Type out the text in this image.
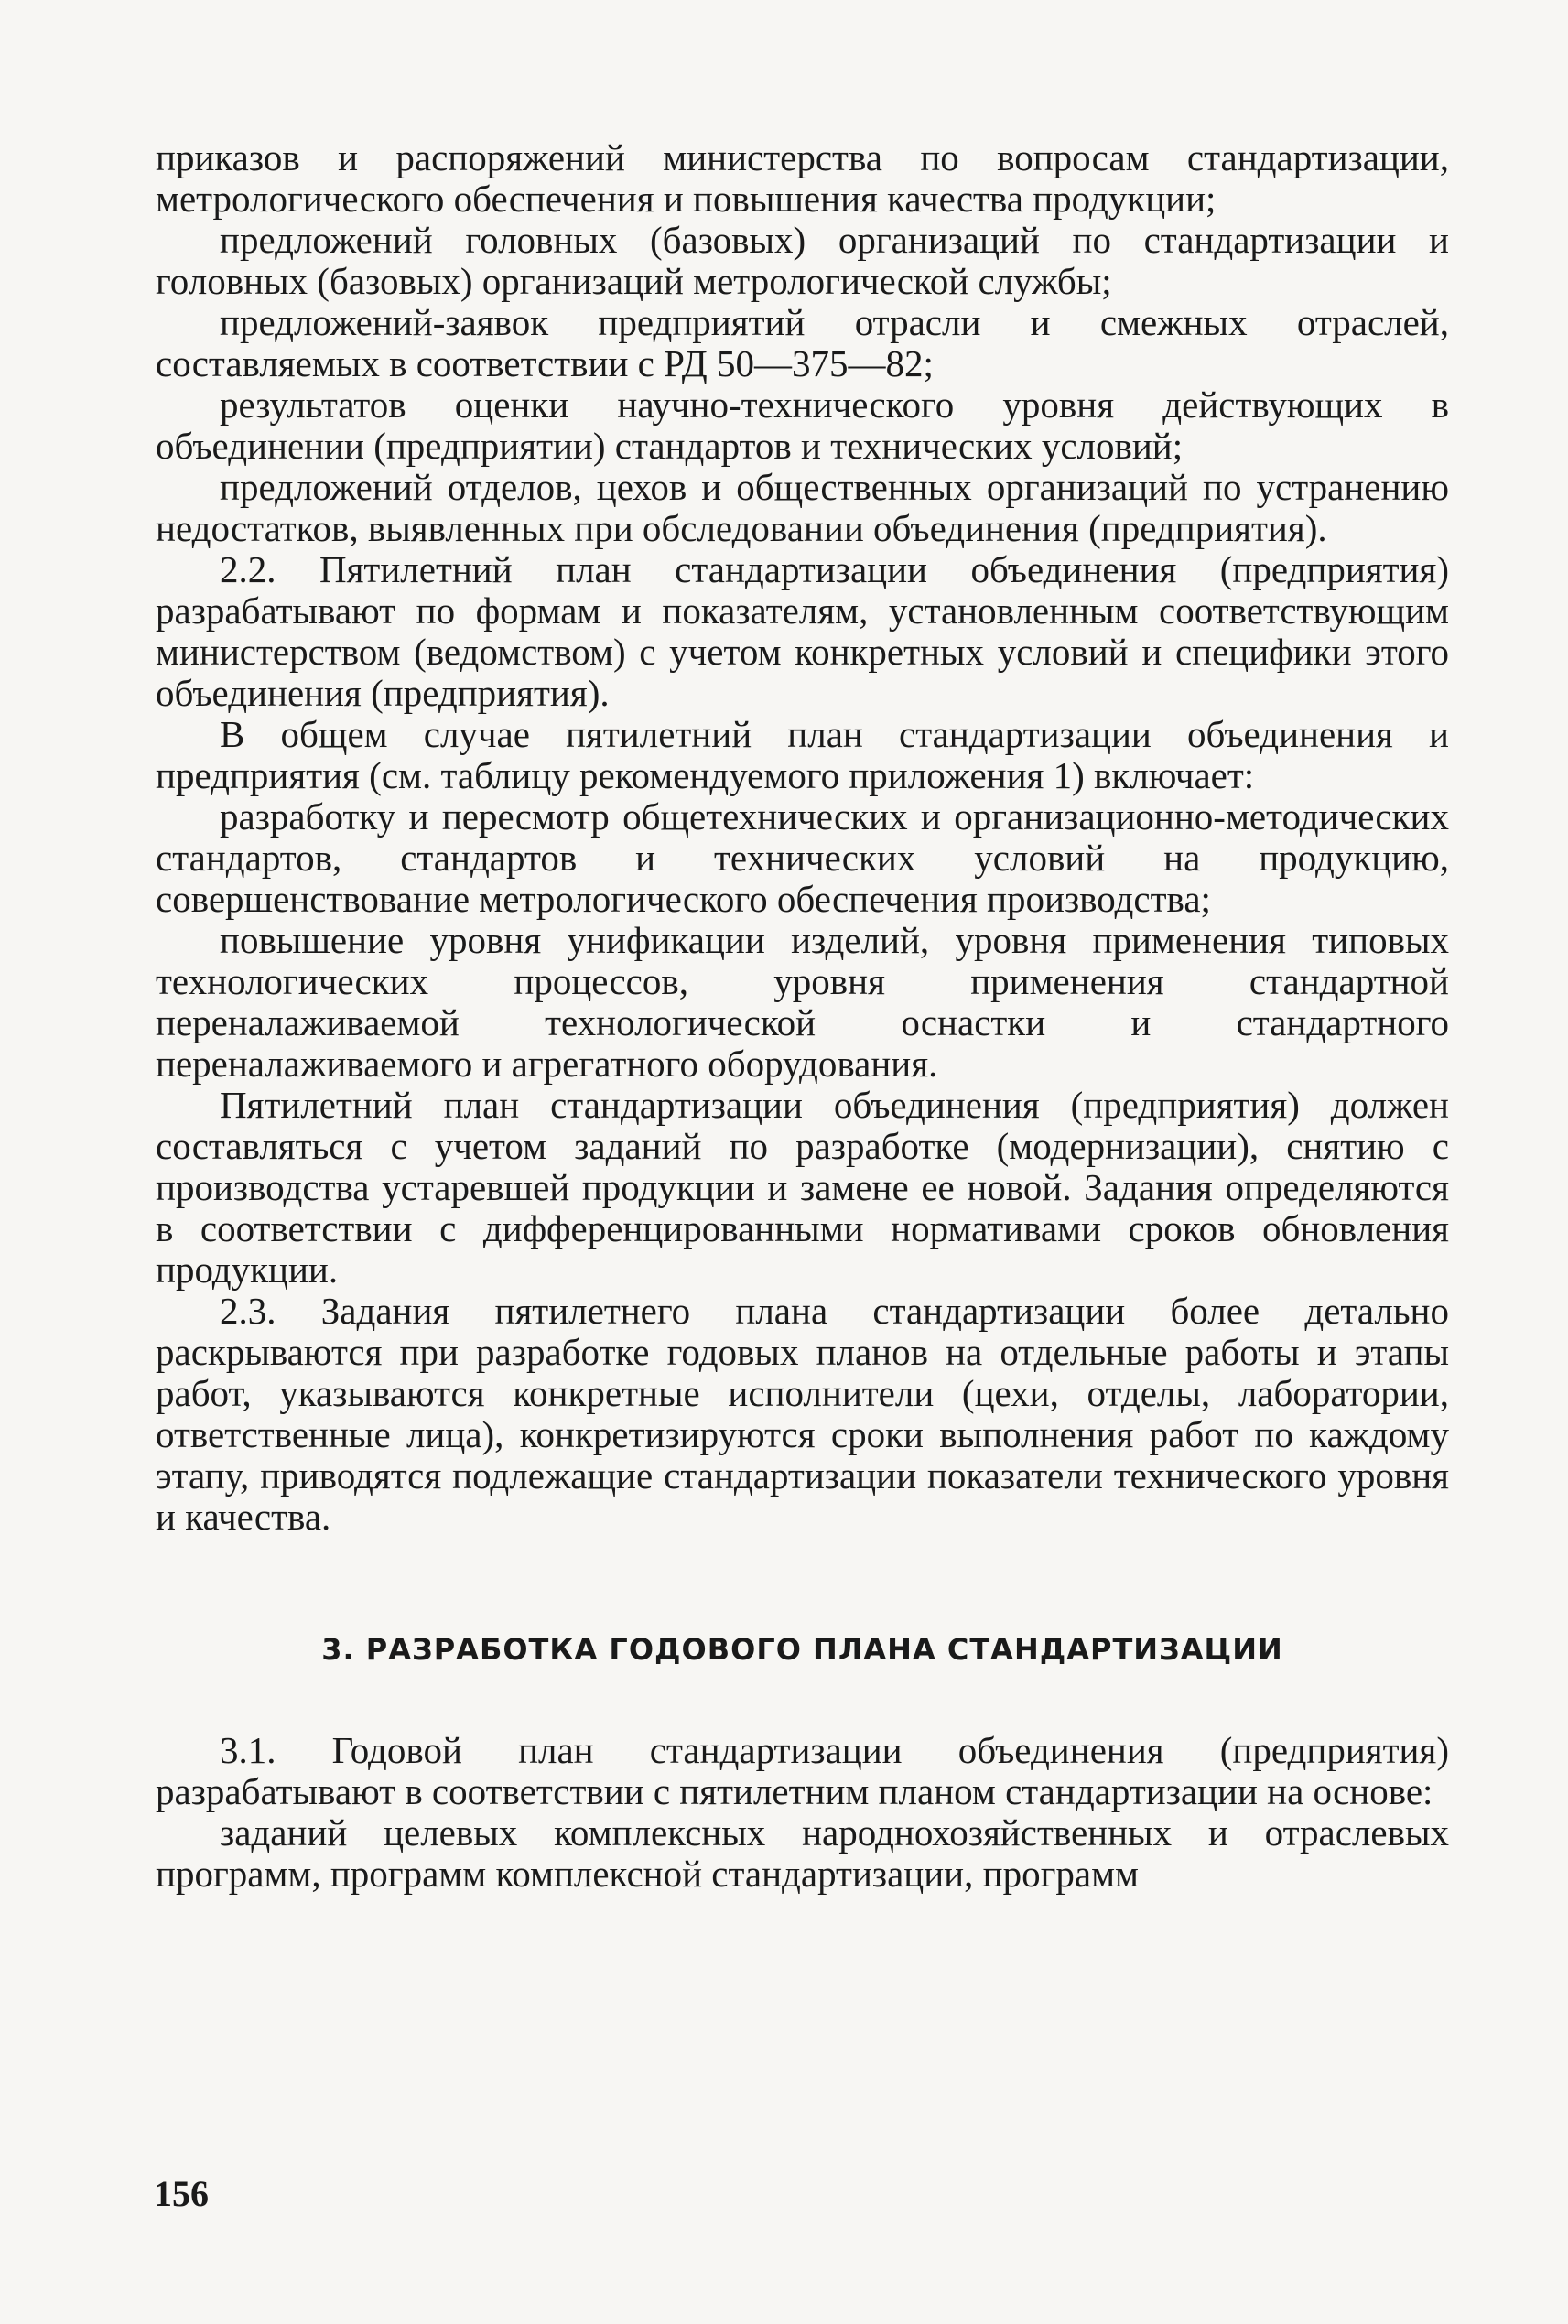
приказов и распоряжений министерства по вопросам стандартизации, метрологического обеспечения и повышения качества продукции;

предложений головных (базовых) организаций по стандартизации и головных (базовых) организаций метрологической службы;

предложений-заявок предприятий отрасли и смежных отраслей, составляемых в соответствии с РД 50—375—82;

результатов оценки научно-технического уровня действующих в объединении (предприятии) стандартов и технических условий;

предложений отделов, цехов и общественных организаций по устранению недостатков, выявленных при обследовании объединения (предприятия).

2.2. Пятилетний план стандартизации объединения (предприятия) разрабатывают по формам и показателям, установленным соответствующим министерством (ведомством) с учетом конкретных условий и специфики этого объединения (предприятия).

В общем случае пятилетний план стандартизации объединения и предприятия (см. таблицу рекомендуемого приложения 1) включает:

разработку и пересмотр общетехнических и организационно-методических стандартов, стандартов и технических условий на продукцию, совершенствование метрологического обеспечения производства;

повышение уровня унификации изделий, уровня применения типовых технологических процессов, уровня применения стандартной переналаживаемой технологической оснастки и стандартного переналаживаемого и агрегатного оборудования.

Пятилетний план стандартизации объединения (предприятия) должен составляться с учетом заданий по разработке (модернизации), снятию с производства устаревшей продукции и замене ее новой. Задания определяются в соответствии с дифференцированными нормативами сроков обновления продукции.

2.3. Задания пятилетнего плана стандартизации более детально раскрываются при разработке годовых планов на отдельные работы и этапы работ, указываются конкретные исполнители (цехи, отделы, лаборатории, ответственные лица), конкретизируются сроки выполнения работ по каждому этапу, приводятся подлежащие стандартизации показатели технического уровня и качества.

3. РАЗРАБОТКА ГОДОВОГО ПЛАНА СТАНДАРТИЗАЦИИ

3.1. Годовой план стандартизации объединения (предприятия) разрабатывают в соответствии с пятилетним планом стандартизации на основе:

заданий целевых комплексных народнохозяйственных и отраслевых программ, программ комплексной стандартизации, программ

156
